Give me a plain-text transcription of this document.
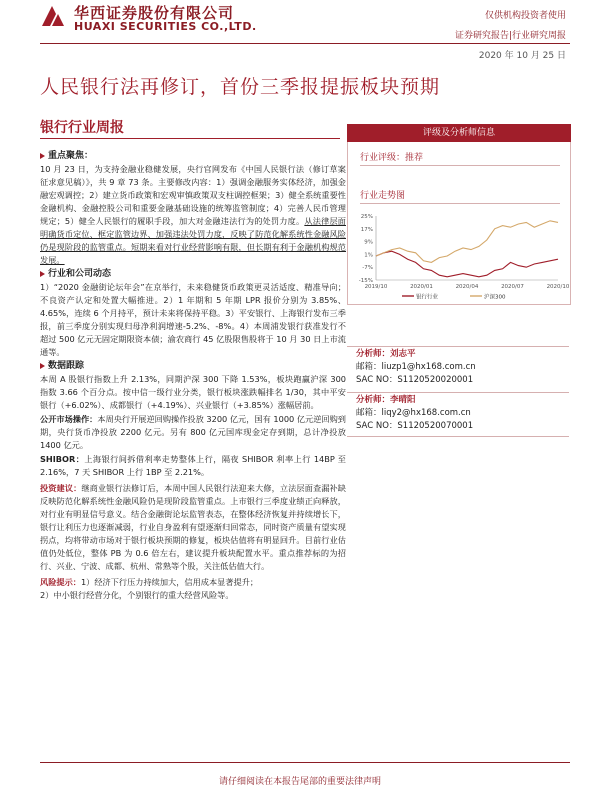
华西证券股份有限公司
HUAXI SECURITIES CO.,LTD.
仅供机构投资者使用
证券研究报告|行业研究周报
2020 年 10 月 25 日
人民银行法再修订，首份三季报提振板块预期
银行行业周报

重点聚焦：

10 月 23 日，为支持金融业稳健发展，央行官网发布《中国人民银行法（修订草案征求意见稿）》，共 9 章 73 条。主要修改内容：1）强调金融服务实体经济，加强金融宏观调控；2）建立货币政策和宏观审慎政策双支柱调控框架；3）健全系统重要性金融机构、金融控股公司和重要金融基础设施的统筹监管制度；4）完善人民币管理规定；5）健全人民银行的履职手段，加大对金融违法行为的处罚力度。从法律层面明确货币定位、框定监管边界、加强违法处罚力度，反映了防范化解系统性金融风险仍是现阶段的监管重点。短期来看对行业经营影响有限，但长期有利于金融机构规范发展。

行业和公司动态

1）“2020 金融街论坛年会”在京举行，未来稳健货币政策更灵活适度、精准导向；不良资产认定和处置大幅推进。2）1 年期和 5 年期 LPR 报价分别为 3.85%、4.65%，连续 6 个月持平，预计未来将保持平稳。3）平安银行、上海银行发布三季报，前三季度分别实现归母净利润增速-5.2%、-8%。4）本周浦发银行获准发行不超过 500 亿元无固定期限资本债；渝农商行 45 亿股限售股将于 10 月 30 日上市流通等。

数据跟踪

本周 A 股银行指数上升 2.13%，同期沪深 300 下降 1.53%，板块跑赢沪深 300 指数 3.66 个百分点。按中信一级行业分类，银行板块涨跌幅排名 1/30，其中平安银行（+6.02%）、成都银行（+4.19%）、兴业银行（+3.85%）涨幅居前。

公开市场操作：本周央行开展逆回购操作投放 3200 亿元，国有 1000 亿元逆回购到期，央行货币净投放 2200 亿元。另有 800 亿元国库现金定存到期，总计净投放 1400 亿元。

SHIBOR：上海银行间拆借利率走势整体上行，隔夜 SHIBOR 利率上行 14BP 至 2.16%，7 天 SHIBOR 上行 1BP 至 2.21%。

投资建议：继商业银行法修订后，本周中国人民银行法迎来大修，立法层面查漏补缺反映防范化解系统性金融风险仍是现阶段监管重点。上市银行三季度业绩正向释放，对行业有明显信号意义。结合金融街论坛监管表态，在整体经济恢复并持续增长下，银行让利压力也逐渐减弱，行业自身盈利有望逐渐归回常态，同时资产质量有望实现拐点，均将带动市场对于银行板块预期的修复，板块估值将有明显回升。目前行业估值仍处低位，整体 PB 为 0.6 倍左右，建议提升板块配置水平。重点推荐标的为招行、兴业、宁波、成都、杭州、常熟等个股，关注低估值大行。

风险提示：1）经济下行压力持续加大，信用成本显著提升；
2）中小银行经营分化，个别银行的重大经营风险等。

评级及分析师信息
行业评级：推荐
行业走势图
25%
17%
9%
1%
-7%
-15%
2019/10	2020/01	2020/04	2020/07	2020/10
银行行业	沪深300
分析师：刘志平
邮箱：liuzp1@hx168.com.cn
SAC NO：S1120520020001
分析师：李晴阳
邮箱：liqy2@hx168.com.cn
SAC NO：S1120520070001
请仔细阅读在本报告尾部的重要法律声明
